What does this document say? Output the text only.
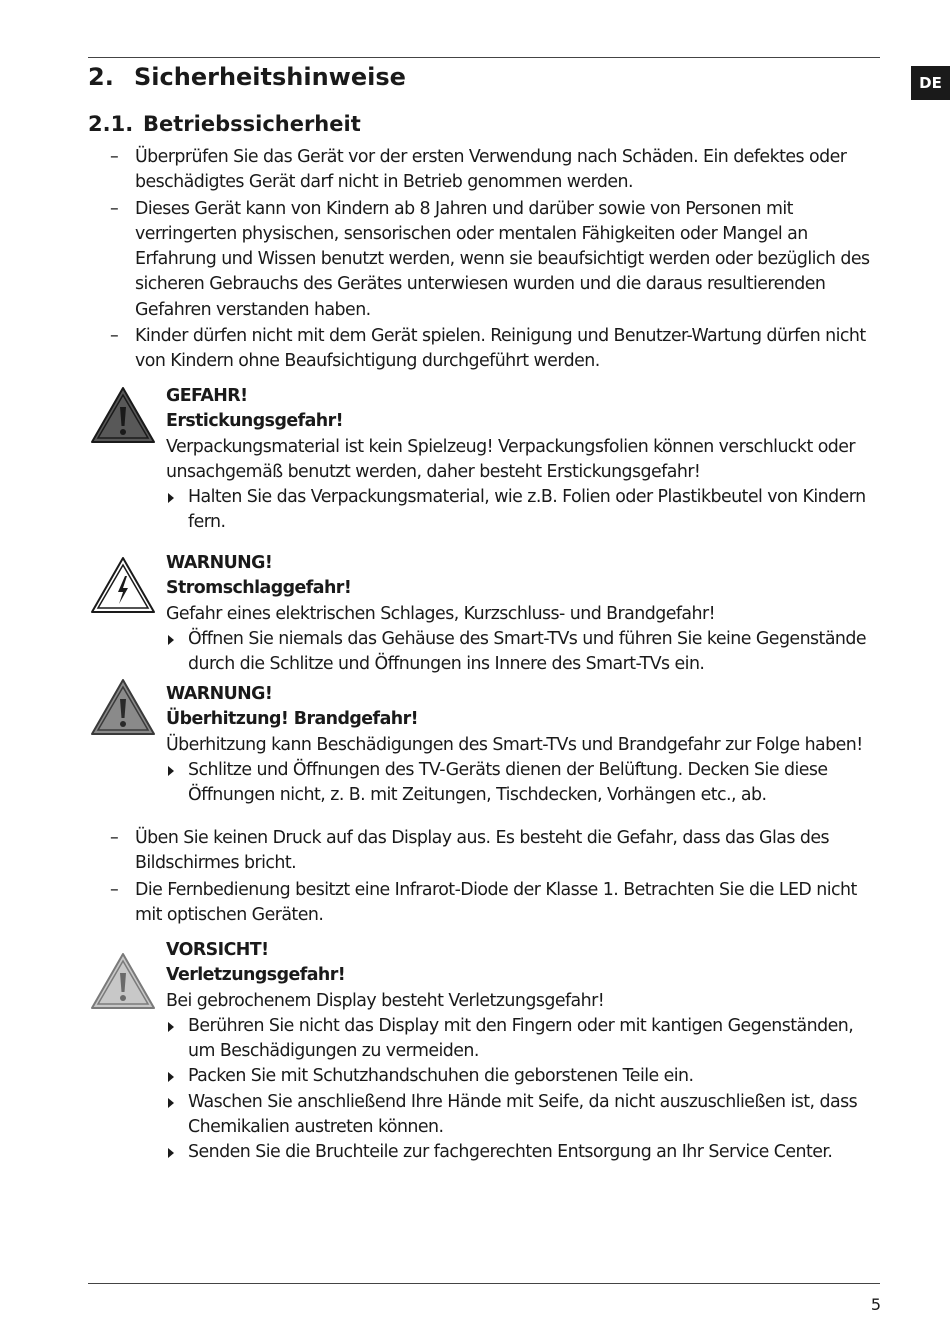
DE
2. Sicherheitshinweise
2.1. Betriebssicherheit
– Überprüfen Sie das Gerät vor der ersten Verwendung nach Schäden. Ein defektes oder beschädigtes Gerät darf nicht in Betrieb genommen werden.
– Dieses Gerät kann von Kindern ab 8 Jahren und darüber sowie von Personen mit verringerten physischen, sensorischen oder mentalen Fähigkeiten oder Mangel an Erfahrung und Wissen benutzt werden, wenn sie beaufsichtigt werden oder bezüglich des sicheren Gebrauchs des Gerätes unterwiesen wurden und die daraus resultierenden Gefahren verstanden haben.
– Kinder dürfen nicht mit dem Gerät spielen. Reinigung und Benutzer-Wartung dürfen nicht von Kindern ohne Beaufsichtigung durchgeführt werden.
GEFAHR!
Erstickungsgefahr!
Verpackungsmaterial ist kein Spielzeug! Verpackungsfolien können verschluckt oder unsachgemäß benutzt werden, daher besteht Erstickungsgefahr!
Halten Sie das Verpackungsmaterial, wie z.B. Folien oder Plastikbeutel von Kindern fern.
WARNUNG!
Stromschlaggefahr!
Gefahr eines elektrischen Schlages, Kurzschluss- und Brandgefahr!
Öffnen Sie niemals das Gehäuse des Smart-TVs und führen Sie keine Gegenstände durch die Schlitze und Öffnungen ins Innere des Smart-TVs ein.
WARNUNG!
Überhitzung! Brandgefahr!
Überhitzung kann Beschädigungen des Smart-TVs und Brandgefahr zur Folge haben!
Schlitze und Öffnungen des TV-Geräts dienen der Belüftung. Decken Sie diese Öffnungen nicht, z. B. mit Zeitungen, Tischdecken, Vorhängen etc., ab.
– Üben Sie keinen Druck auf das Display aus. Es besteht die Gefahr, dass das Glas des Bildschirmes bricht.
– Die Fernbedienung besitzt eine Infrarot-Diode der Klasse 1. Betrachten Sie die LED nicht mit optischen Geräten.
VORSICHT!
Verletzungsgefahr!
Bei gebrochenem Display besteht Verletzungsgefahr!
Berühren Sie nicht das Display mit den Fingern oder mit kantigen Gegenständen, um Beschädigungen zu vermeiden.
Packen Sie mit Schutzhandschuhen die geborstenen Teile ein.
Waschen Sie anschließend Ihre Hände mit Seife, da nicht auszuschließen ist, dass Chemikalien austreten können.
Senden Sie die Bruchteile zur fachgerechten Entsorgung an Ihr Service Center.
5
